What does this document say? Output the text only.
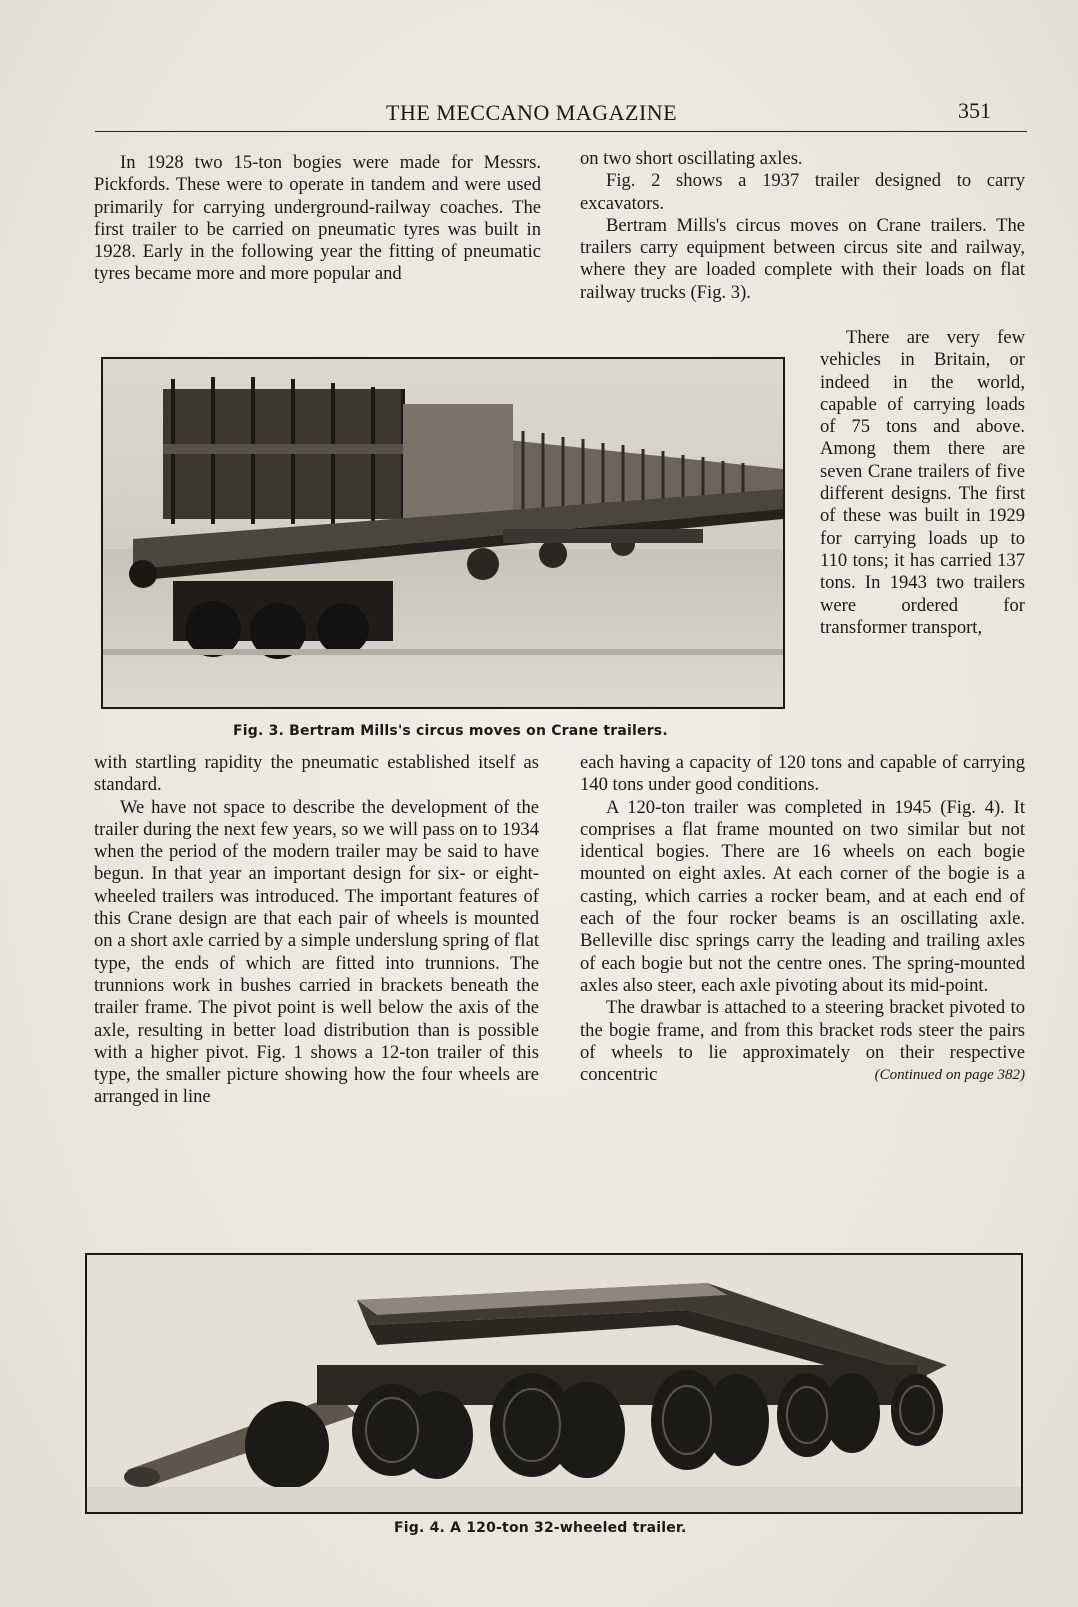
THE MECCANO MAGAZINE	351

In 1928 two 15-ton bogies were made for Messrs. Pickfords. These were to operate in tandem and were used primarily for carrying underground-railway coaches. The first trailer to be carried on pneumatic tyres was built in 1928. Early in the following year the fitting of pneumatic tyres became more and more popular and

on two short oscillating axles.

Fig. 2 shows a 1937 trailer designed to carry excavators.

Bertram Mills's circus moves on Crane trailers. The trailers carry equipment between circus site and railway, where they are loaded complete with their loads on flat railway trucks (Fig. 3).

There are very few vehicles in Britain, or indeed in the world, capable of carrying loads of 75 tons and above. Among them there are seven Crane trailers of five different designs. The first of these was built in 1929 for carrying loads up to 110 tons; it has carried 137 tons. In 1943 two trailers were ordered for transformer transport,

Fig. 3. Bertram Mills's circus moves on Crane trailers.

with startling rapidity the pneumatic established itself as standard.

We have not space to describe the development of the trailer during the next few years, so we will pass on to 1934 when the period of the modern trailer may be said to have begun. In that year an important design for six- or eight-wheeled trailers was introduced. The important features of this Crane design are that each pair of wheels is mounted on a short axle carried by a simple underslung spring of flat type, the ends of which are fitted into trunnions. The trunnions work in bushes carried in brackets beneath the trailer frame. The pivot point is well below the axis of the axle, resulting in better load distribution than is possible with a higher pivot. Fig. 1 shows a 12-ton trailer of this type, the smaller picture showing how the four wheels are arranged in line

each having a capacity of 120 tons and capable of carrying 140 tons under good conditions.

A 120-ton trailer was completed in 1945 (Fig. 4). It comprises a flat frame mounted on two similar but not identical bogies. There are 16 wheels on each bogie mounted on eight axles. At each corner of the bogie is a casting, which carries a rocker beam, and at each end of each of the four rocker beams is an oscillating axle. Belleville disc springs carry the leading and trailing axles of each bogie but not the centre ones. The spring-mounted axles also steer, each axle pivoting about its mid-point.

The drawbar is attached to a steering bracket pivoted to the bogie frame, and from this bracket rods steer the pairs of wheels to lie approximately on their respective concentric	(Continued on page 382)

Fig. 4. A 120-ton 32-wheeled trailer.
